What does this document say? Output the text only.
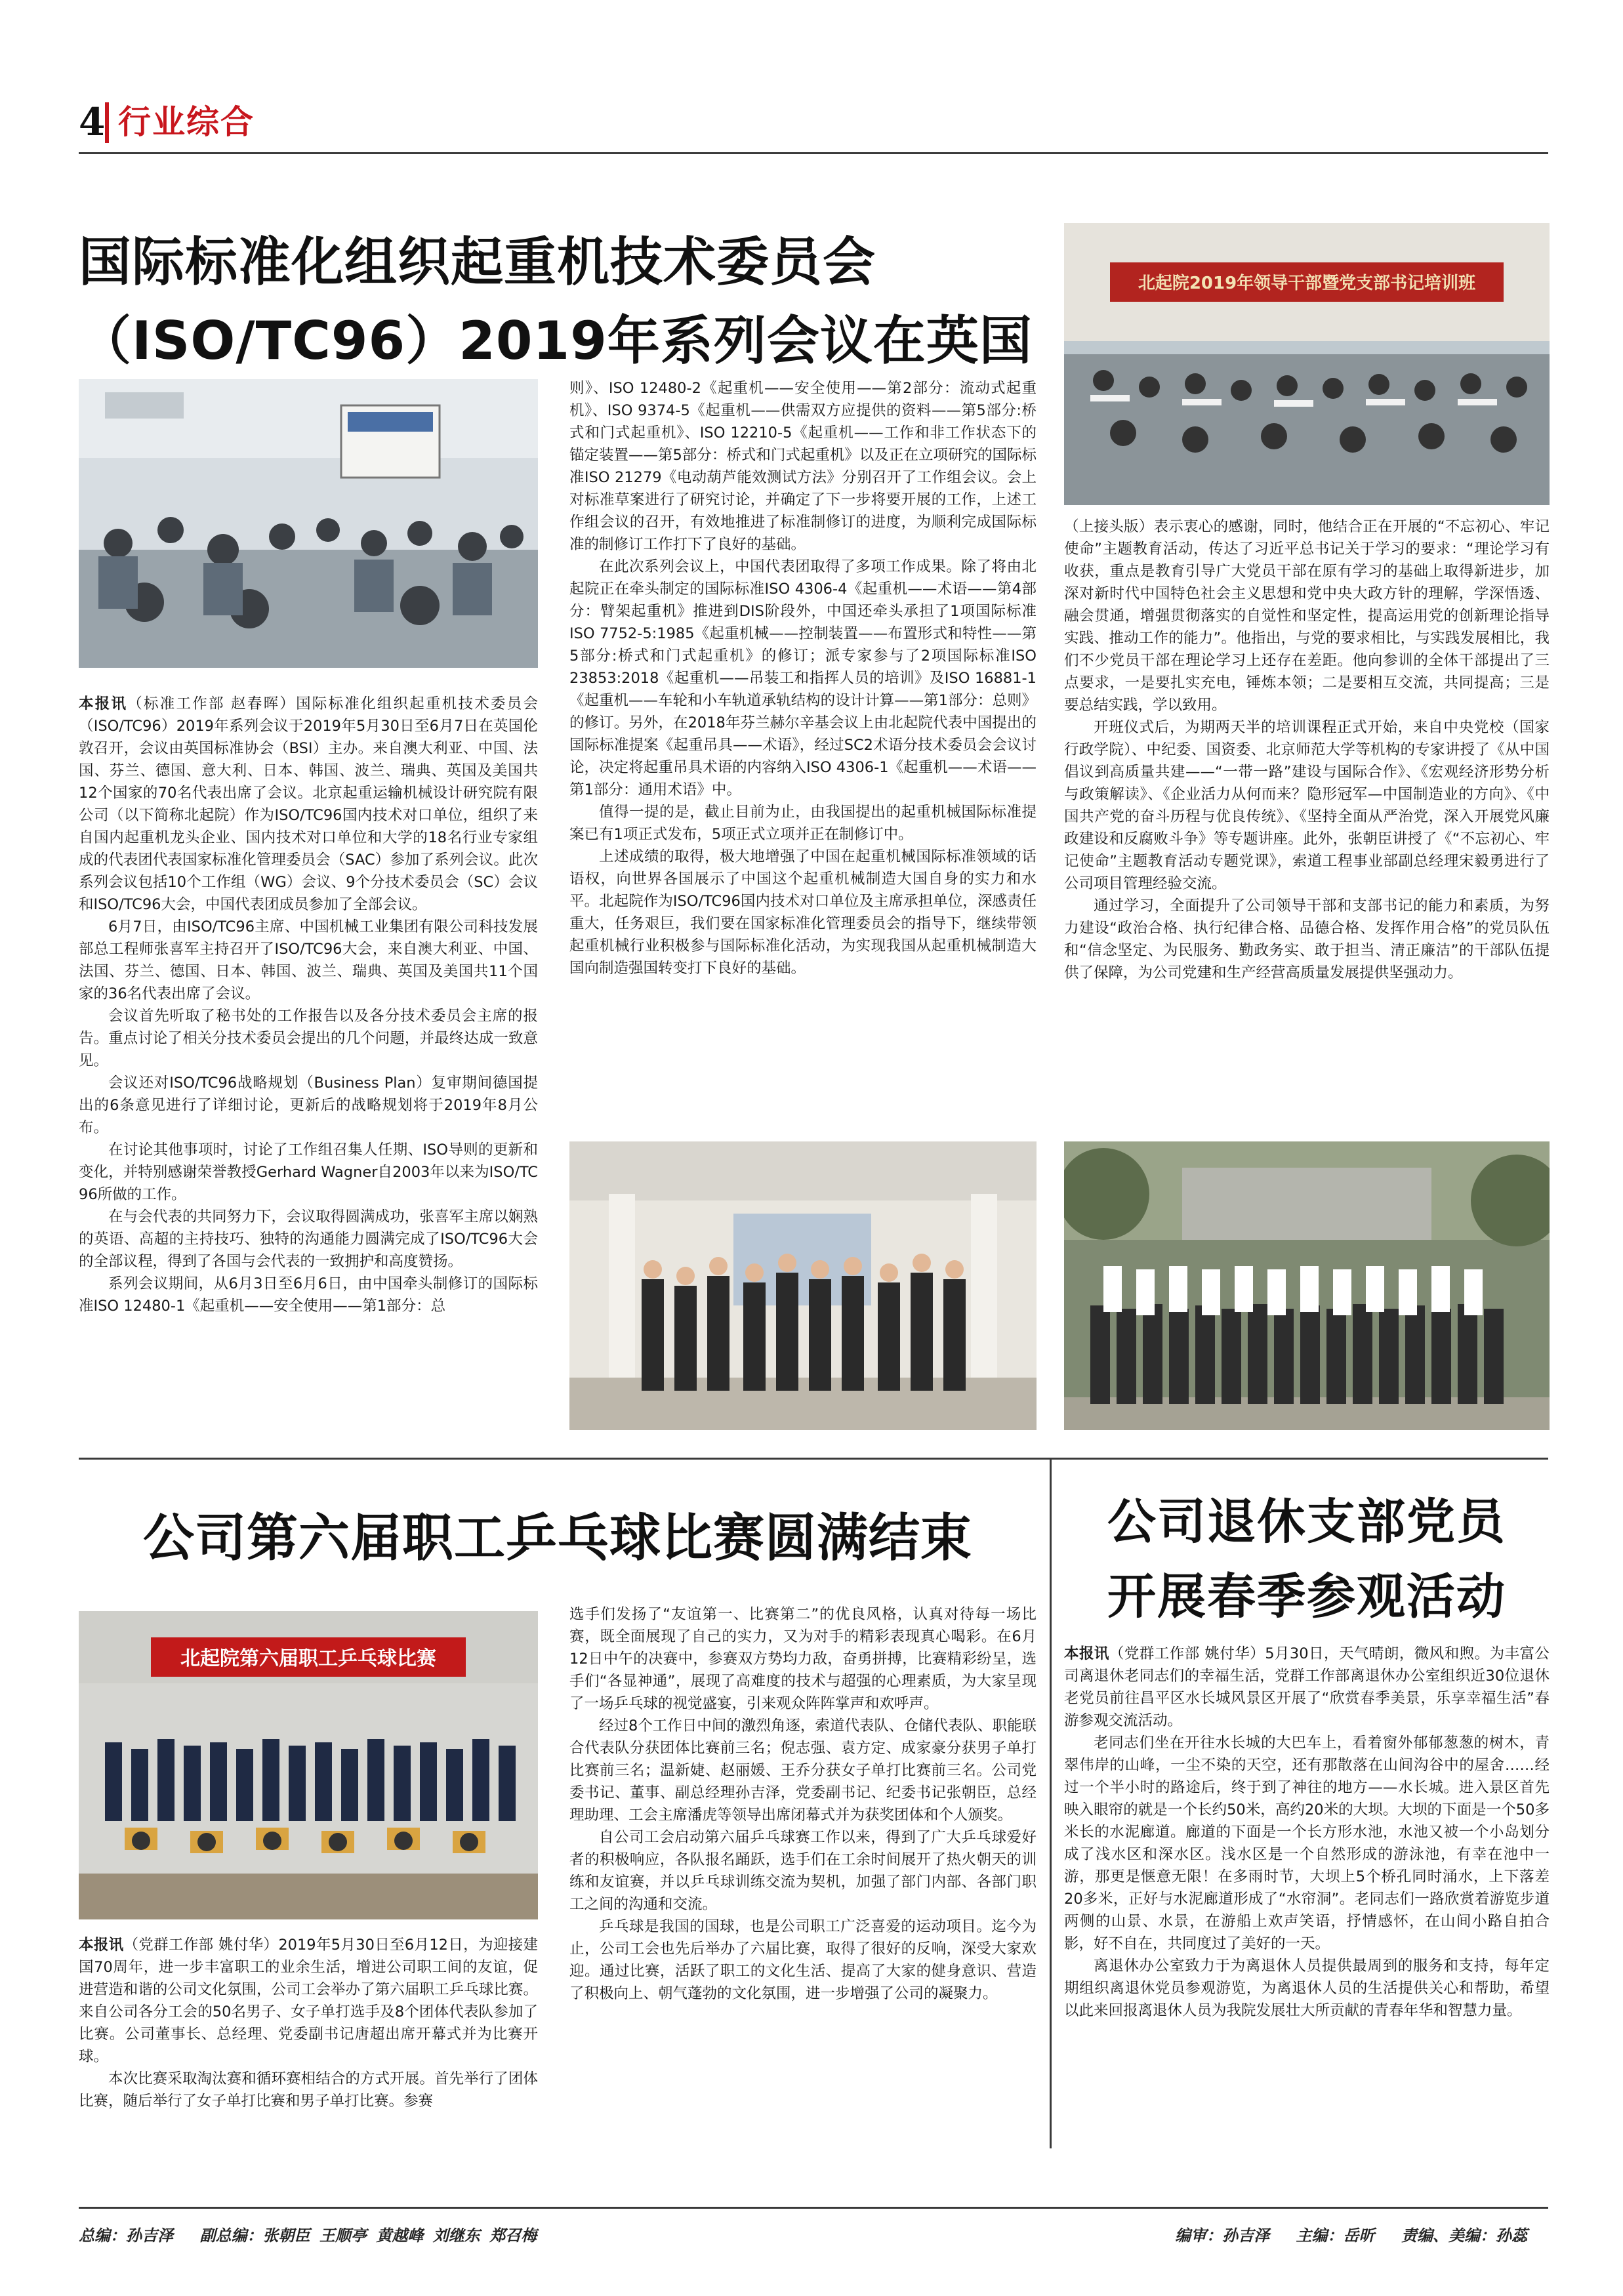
4 行业综合
国际标准化组织起重机技术委员会（ISO/TC96）2019年系列会议在英国

本报讯（标准工作部 赵春晖）国际标准化组织起重机技术委员会（ISO/TC96）2019年系列会议于2019年5月30日至6月7日在英国伦敦召开，会议由英国标准协会（BSI）主办。来自澳大利亚、中国、法国、芬兰、德国、意大利、日本、韩国、波兰、瑞典、英国及美国共12个国家的70名代表出席了会议。北京起重运输机械设计研究院有限公司（以下简称北起院）作为ISO/TC96国内技术对口单位，组织了来自国内起重机龙头企业、国内技术对口单位和大学的18名行业专家组成的代表团代表国家标准化管理委员会（SAC）参加了系列会议。此次系列会议包括10个工作组（WG）会议、9个分技术委员会（SC）会议和ISO/TC96大会，中国代表团成员参加了全部会议。

6月7日，由ISO/TC96主席、中国机械工业集团有限公司科技发展部总工程师张喜军主持召开了ISO/TC96大会，来自澳大利亚、中国、法国、芬兰、德国、日本、韩国、波兰、瑞典、英国及美国共11个国家的36名代表出席了会议。

会议首先听取了秘书处的工作报告以及各分技术委员会主席的报告。重点讨论了相关分技术委员会提出的几个问题，并最终达成一致意见。

会议还对ISO/TC96战略规划（Business Plan）复审期间德国提出的6条意见进行了详细讨论，更新后的战略规划将于2019年8月公布。

在讨论其他事项时，讨论了工作组召集人任期、ISO导则的更新和变化，并特别感谢荣誉教授Gerhard Wagner自2003年以来为ISO/TC 96所做的工作。

在与会代表的共同努力下，会议取得圆满成功，张喜军主席以娴熟的英语、高超的主持技巧、独特的沟通能力圆满完成了ISO/TC96大会的全部议程，得到了各国与会代表的一致拥护和高度赞扬。

系列会议期间，从6月3日至6月6日，由中国牵头制修订的国际标准ISO 12480-1《起重机——安全使用——第1部分：总

则》、ISO 12480-2《起重机——安全使用——第2部分：流动式起重机》、ISO 9374-5《起重机——供需双方应提供的资料——第5部分:桥式和门式起重机》、ISO 12210-5《起重机——工作和非工作状态下的锚定装置——第5部分：桥式和门式起重机》以及正在立项研究的国际标准ISO 21279《电动葫芦能效测试方法》分别召开了工作组会议。会上对标准草案进行了研究讨论，并确定了下一步将要开展的工作，上述工作组会议的召开，有效地推进了标准制修订的进度，为顺利完成国际标准的制修订工作打下了良好的基础。

在此次系列会议上，中国代表团取得了多项工作成果。除了将由北起院正在牵头制定的国际标准ISO 4306-4《起重机——术语——第4部分：臂架起重机》推进到DIS阶段外，中国还牵头承担了1项国际标准ISO 7752-5:1985《起重机械——控制装置——布置形式和特性——第5部分:桥式和门式起重机》的修订；派专家参与了2项国际标准ISO 23853:2018《起重机——吊装工和指挥人员的培训》及ISO 16881-1《起重机——车轮和小车轨道承轨结构的设计计算——第1部分：总则》的修订。另外，在2018年芬兰赫尔辛基会议上由北起院代表中国提出的国际标准提案《起重吊具——术语》，经过SC2术语分技术委员会会议讨论，决定将起重吊具术语的内容纳入ISO 4306-1《起重机——术语——第1部分：通用术语》中。

值得一提的是，截止目前为止，由我国提出的起重机械国际标准提案已有1项正式发布，5项正式立项并正在制修订中。

上述成绩的取得，极大地增强了中国在起重机械国际标准领域的话语权，向世界各国展示了中国这个起重机械制造大国自身的实力和水平。北起院作为ISO/TC96国内技术对口单位及主席承担单位，深感责任重大，任务艰巨，我们要在国家标准化管理委员会的指导下，继续带领起重机械行业积极参与国际标准化活动，为实现我国从起重机械制造大国向制造强国转变打下良好的基础。

北起院2019年领导干部暨党支部书记培训班

（上接头版）表示衷心的感谢，同时，他结合正在开展的“不忘初心、牢记使命”主题教育活动，传达了习近平总书记关于学习的要求：“理论学习有收获，重点是教育引导广大党员干部在原有学习的基础上取得新进步，加深对新时代中国特色社会主义思想和党中央大政方针的理解，学深悟透、融会贯通，增强贯彻落实的自觉性和坚定性，提高运用党的创新理论指导实践、推动工作的能力”。他指出，与党的要求相比，与实践发展相比，我们不少党员干部在理论学习上还存在差距。他向参训的全体干部提出了三点要求，一是要扎实充电，锤炼本领；二是要相互交流，共同提高；三是要总结实践，学以致用。

开班仪式后，为期两天半的培训课程正式开始，来自中央党校（国家行政学院）、中纪委、国资委、北京师范大学等机构的专家讲授了《从中国倡议到高质量共建——“一带一路”建设与国际合作》、《宏观经济形势分析与政策解读》、《企业活力从何而来？隐形冠军—中国制造业的方向》、《中国共产党的奋斗历程与优良传统》、《坚持全面从严治党，深入开展党风廉政建设和反腐败斗争》等专题讲座。此外，张朝臣讲授了《“不忘初心、牢记使命”主题教育活动专题党课》，索道工程事业部副总经理宋毅勇进行了公司项目管理经验交流。

通过学习，全面提升了公司领导干部和支部书记的能力和素质，为努力建设“政治合格、执行纪律合格、品德合格、发挥作用合格”的党员队伍和“信念坚定、为民服务、勤政务实、敢于担当、清正廉洁”的干部队伍提供了保障，为公司党建和生产经营高质量发展提供坚强动力。

公司第六届职工乒乓球比赛圆满结束
北起院第六届职工乒乓球比赛

本报讯（党群工作部 姚付华）2019年5月30日至6月12日，为迎接建国70周年，进一步丰富职工的业余生活，增进公司职工间的友谊，促进营造和谐的公司文化氛围，公司工会举办了第六届职工乒乓球比赛。来自公司各分工会的50名男子、女子单打选手及8个团体代表队参加了比赛。公司董事长、总经理、党委副书记唐超出席开幕式并为比赛开球。

本次比赛采取淘汰赛和循环赛相结合的方式开展。首先举行了团体比赛，随后举行了女子单打比赛和男子单打比赛。参赛

选手们发扬了“友谊第一、比赛第二”的优良风格，认真对待每一场比赛，既全面展现了自己的实力，又为对手的精彩表现真心喝彩。在6月12日中午的决赛中，参赛双方势均力敌，奋勇拼搏，比赛精彩纷呈，选手们“各显神通”，展现了高难度的技术与超强的心理素质，为大家呈现了一场乒乓球的视觉盛宴，引来观众阵阵掌声和欢呼声。

经过8个工作日中间的激烈角逐，索道代表队、仓储代表队、职能联合代表队分获团体比赛前三名；倪志强、袁方定、成家豪分获男子单打比赛前三名；温新婕、赵丽媛、王乔分获女子单打比赛前三名。公司党委书记、董事、副总经理孙吉泽，党委副书记、纪委书记张朝臣，总经理助理、工会主席潘虎等领导出席闭幕式并为获奖团体和个人颁奖。

自公司工会启动第六届乒乓球赛工作以来，得到了广大乒乓球爱好者的积极响应，各队报名踊跃，选手们在工余时间展开了热火朝天的训练和友谊赛，并以乒乓球训练交流为契机，加强了部门内部、各部门职工之间的沟通和交流。

乒乓球是我国的国球，也是公司职工广泛喜爱的运动项目。迄今为止，公司工会也先后举办了六届比赛，取得了很好的反响，深受大家欢迎。通过比赛，活跃了职工的文化生活、提高了大家的健身意识、营造了积极向上、朝气蓬勃的文化氛围，进一步增强了公司的凝聚力。

公司退休支部党员
开展春季参观活动

本报讯（党群工作部 姚付华）5月30日，天气晴朗，微风和煦。为丰富公司离退休老同志们的幸福生活，党群工作部离退休办公室组织近30位退休老党员前往昌平区水长城风景区开展了“欣赏春季美景，乐享幸福生活”春游参观交流活动。

老同志们坐在开往水长城的大巴车上，看着窗外郁郁葱葱的树木，青翠伟岸的山峰，一尘不染的天空，还有那散落在山间沟谷中的屋舍……经过一个半小时的路途后，终于到了神往的地方——水长城。进入景区首先映入眼帘的就是一个长约50米，高约20米的大坝。大坝的下面是一个50多米长的水泥廊道。廊道的下面是一个长方形水池，水池又被一个小岛划分成了浅水区和深水区。浅水区是一个自然形成的游泳池，有幸在池中一游，那更是惬意无限！在多雨时节，大坝上5个桥孔同时涌水，上下落差20多米，正好与水泥廊道形成了“水帘洞”。老同志们一路欣赏着游览步道两侧的山景、水景，在游船上欢声笑语，抒情感怀，在山间小路自拍合影，好不自在，共同度过了美好的一天。

离退休办公室致力于为离退休人员提供最周到的服务和支持，每年定期组织离退休党员参观游览，为离退休人员的生活提供关心和帮助，希望以此来回报离退休人员为我院发展壮大所贡献的青春年华和智慧力量。

总编：孙吉泽 副总编：张朝臣 王顺亭 黄越峰 刘继东 郑召梅	编审：孙吉泽 主编：岳昕 责编、美编：孙蕊
